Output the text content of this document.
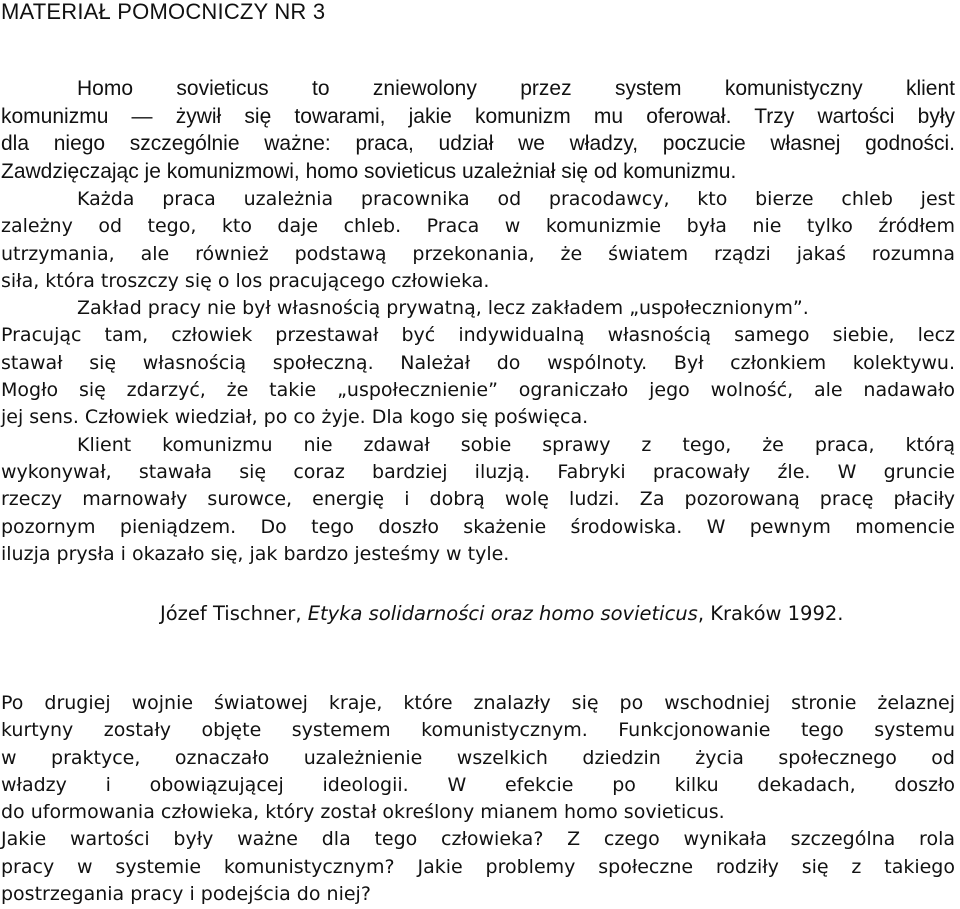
MATERIAŁ POMOCNICZY NR 3
Homo sovieticus to zniewolony przez system komunistyczny klient
komunizmu — żywił się towarami, jakie komunizm mu oferował. Trzy wartości były
dla niego szczególnie ważne: praca, udział we władzy, poczucie własnej godności.
Zawdzięczając je komunizmowi, homo sovieticus uzależniał się od komunizmu.
Każda praca uzależnia pracownika od pracodawcy, kto bierze chleb jest
zależny od tego, kto daje chleb. Praca w komunizmie była nie tylko źródłem
utrzymania, ale również podstawą przekonania, że światem rządzi jakaś rozumna
siła, która troszczy się o los pracującego człowieka.
Zakład pracy nie był własnością prywatną, lecz zakładem „uspołecznionym”.
Pracując tam, człowiek przestawał być indywidualną własnością samego siebie, lecz
stawał się własnością społeczną. Należał do wspólnoty. Był członkiem kolektywu.
Mogło się zdarzyć, że takie „uspołecznienie” ograniczało jego wolność, ale nadawało
jej sens. Człowiek wiedział, po co żyje. Dla kogo się poświęca.
Klient komunizmu nie zdawał sobie sprawy z tego, że praca, którą
wykonywał, stawała się coraz bardziej iluzją. Fabryki pracowały źle. W gruncie
rzeczy marnowały surowce, energię i dobrą wolę ludzi. Za pozorowaną pracę płaciły
pozornym pieniądzem. Do tego doszło skażenie środowiska. W pewnym momencie
iluzja prysła i okazało się, jak bardzo jesteśmy w tyle.
Józef Tischner, Etyka solidarności oraz homo sovieticus, Kraków 1992.
Po drugiej wojnie światowej kraje, które znalazły się po wschodniej stronie żelaznej
kurtyny zostały objęte systemem komunistycznym. Funkcjonowanie tego systemu
w praktyce, oznaczało uzależnienie wszelkich dziedzin życia społecznego od
władzy i obowiązującej ideologii. W efekcie po kilku dekadach, doszło
do uformowania człowieka, który został określony mianem homo sovieticus.
Jakie wartości były ważne dla tego człowieka? Z czego wynikała szczególna rola
pracy w systemie komunistycznym? Jakie problemy społeczne rodziły się z takiego
postrzegania pracy i podejścia do niej?
